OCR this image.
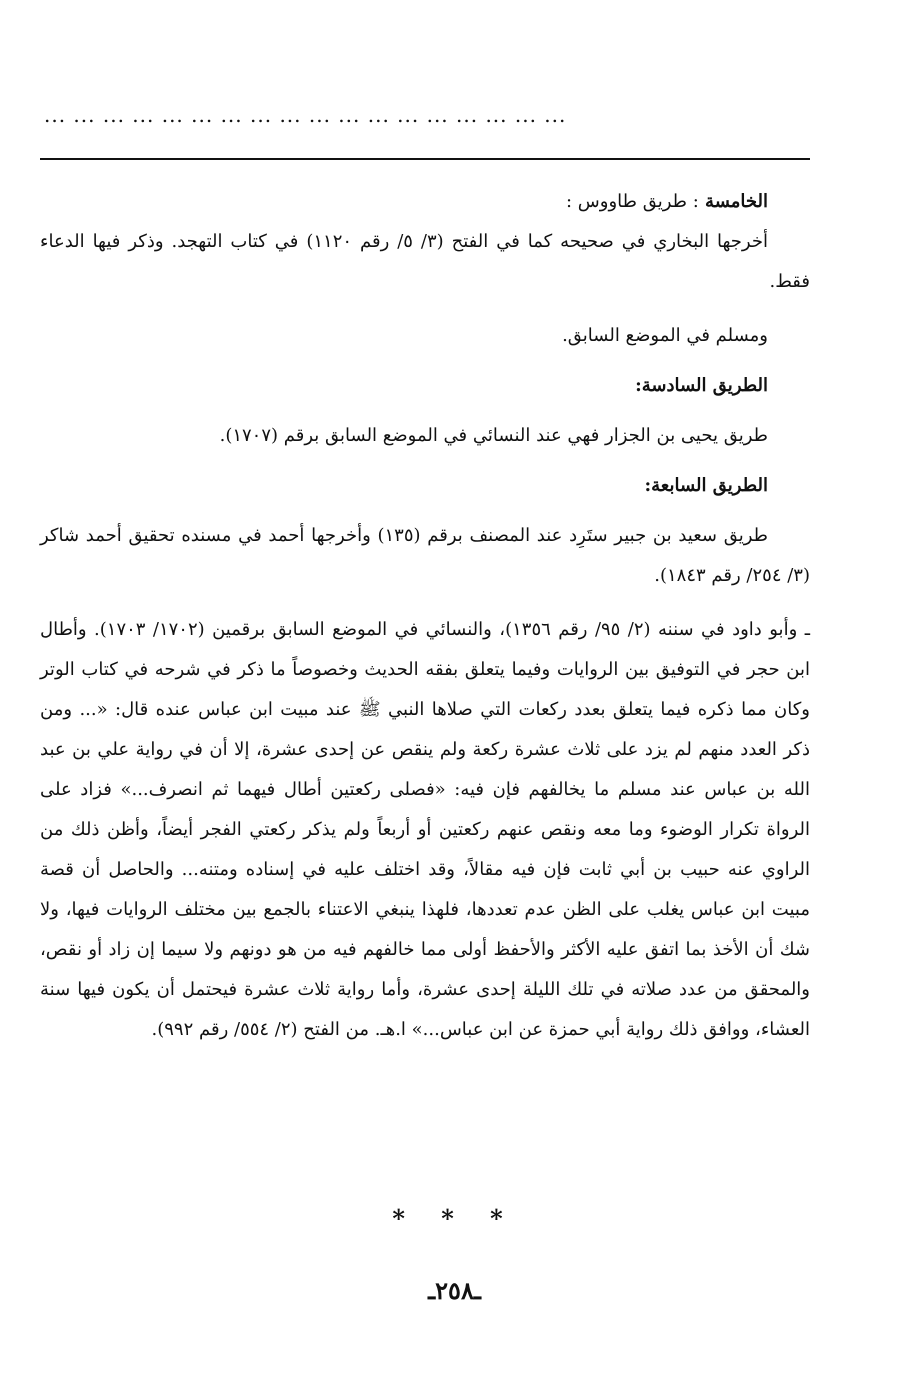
... ... ... ... ... ... ... ... ... ... ... ... ... ... ... ... ... ...

الخامسة : طريق طاووس :

أخرجها البخاري في صحيحه كما في الفتح (٣/ ٥/ رقم ١١٢٠) في كتاب التهجد. وذكر فيها الدعاء فقط.

ومسلم في الموضع السابق.

الطريق السادسة:

طريق يحيى بن الجزار فهي عند النسائي في الموضع السابق برقم (١٧٠٧).

الطريق السابعة:

طريق سعيد بن جبير ستَرِد عند المصنف برقم (١٣٥) وأخرجها أحمد في مسنده تحقيق أحمد شاكر (٣/ ٢٥٤/ رقم ١٨٤٣).

ـ وأبو داود في سننه (٢/ ٩٥/ رقم ١٣٥٦)، والنسائي في الموضع السابق برقمين (١٧٠٢/ ١٧٠٣). وأطال ابن حجر في التوفيق بين الروايات وفيما يتعلق بفقه الحديث وخصوصاً ما ذكر في شرحه في كتاب الوتر وكان مما ذكره فيما يتعلق بعدد ركعات التي صلاها النبي ﷺ عند مبيت ابن عباس عنده قال: «... ومن ذكر العدد منهم لم يزد على ثلاث عشرة ركعة ولم ينقص عن إحدى عشرة، إلا أن في رواية علي بن عبد الله بن عباس عند مسلم ما يخالفهم فإن فيه: «فصلى ركعتين أطال فيهما ثم انصرف...» فزاد على الرواة تكرار الوضوء وما معه ونقص عنهم ركعتين أو أربعاً ولم يذكر ركعتي الفجر أيضاً، وأظن ذلك من الراوي عنه حبيب بن أبي ثابت فإن فيه مقالاً، وقد اختلف عليه في إسناده ومتنه... والحاصل أن قصة مبيت ابن عباس يغلب على الظن عدم تعددها، فلهذا ينبغي الاعتناء بالجمع بين مختلف الروايات فيها، ولا شك أن الأخذ بما اتفق عليه الأكثر والأحفظ أولى مما خالفهم فيه من هو دونهم ولا سيما إن زاد أو نقص، والمحقق من عدد صلاته في تلك الليلة إحدى عشرة، وأما رواية ثلاث عشرة فيحتمل أن يكون فيها سنة العشاء، ووافق ذلك رواية أبي حمزة عن ابن عباس...» ا.هـ. من الفتح (٢/ ٥٥٤/ رقم ٩٩٢).

* * *
ـ٢٥٨ـ
